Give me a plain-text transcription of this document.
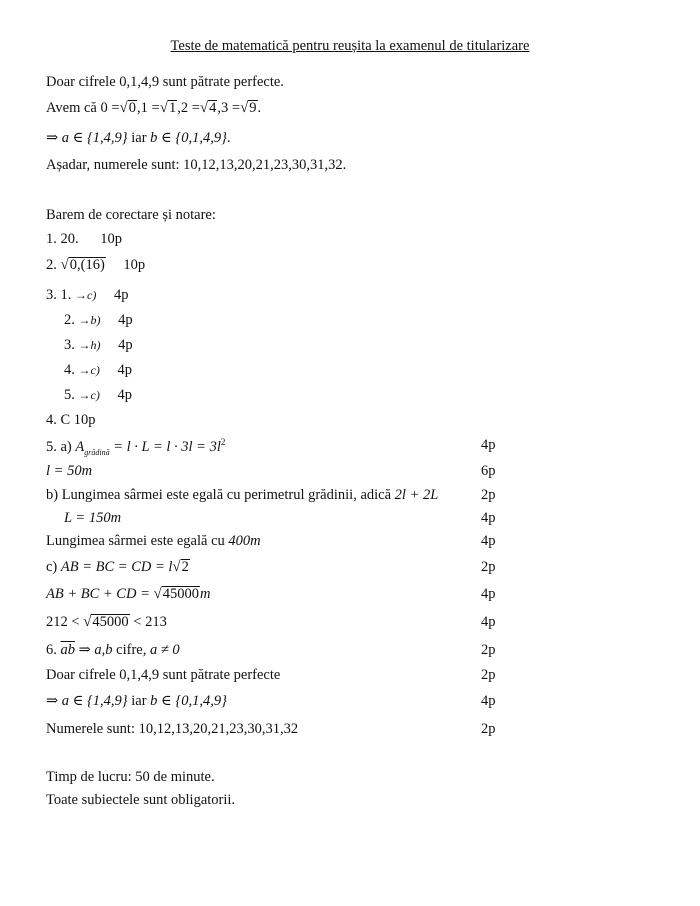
Teste de matematică pentru reușita la examenul de titularizare
Doar cifrele 0,1,4,9 sunt pătrate perfecte.
Avem că 0 =√0,1 =√1,2 =√4,3 =√9.
⇒ a ∈ {1,4,9} iar b ∈ {0,1,4,9}.
Așadar, numerele sunt: 10,12,13,20,21,23,30,31,32.
Barem de corectare și notare:
1. 20. 10p
2. √0,(16) 10p
3. 1. →c) 4p
2. →b) 4p
3. →h) 4p
4. →c) 4p
5. →c) 4p
4. C 10p
5. a) $A_{grădină} = l \cdot L = l \cdot 3l = 3l^2$	4p
l = 50m	6p
b) Lungimea sârmei este egală cu perimetrul grădinii, adică 2l + 2L	2p
L = 150m	4p
Lungimea sârmei este egală cu 400m	4p
c) AB = BC = CD = l√2	2p
AB + BC + CD = √45000m	4p
212 < √45000 < 213	4p
6. $\overline{ab}$ ⇒ a,b cifre, a ≠ 0	2p
Doar cifrele 0,1,4,9 sunt pătrate perfecte	2p
⇒ a ∈ {1,4,9} iar b ∈ {0,1,4,9}	4p
Numerele sunt: 10,12,13,20,21,23,30,31,32	2p
Timp de lucru: 50 de minute.
Toate subiectele sunt obligatorii.
